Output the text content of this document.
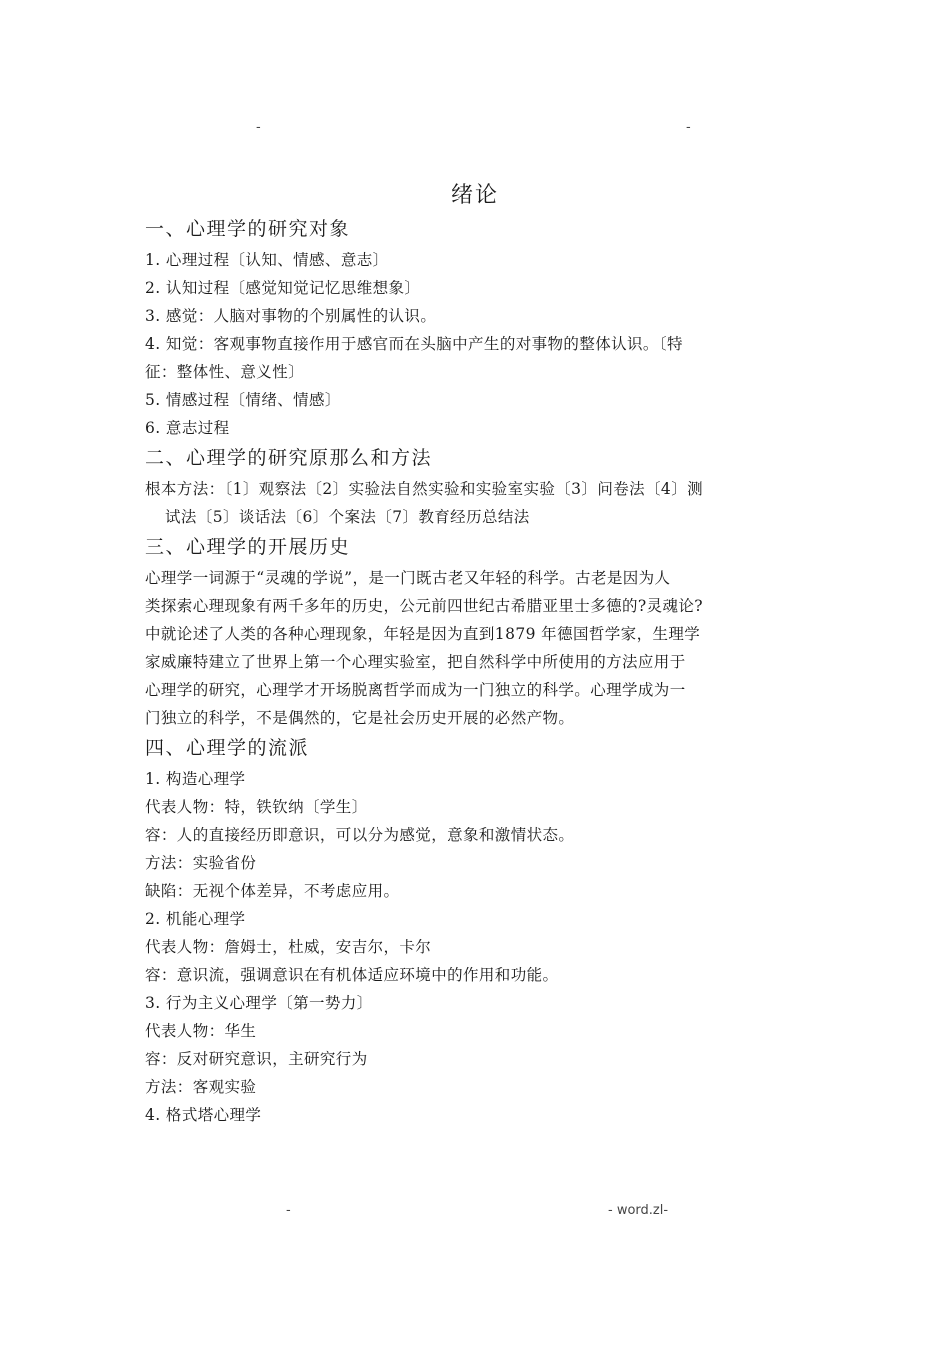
-	-
绪论
一、心理学的研究对象
1. 心理过程〔认知、情感、意志〕
2. 认知过程〔感觉知觉记忆思维想象〕
3. 感觉：人脑对事物的个别属性的认识。
4. 知觉：客观事物直接作用于感官而在头脑中产生的对事物的整体认识。〔特
征：整体性、意义性〕
5. 情感过程〔情绪、情感〕
6. 意志过程
二、心理学的研究原那么和方法
根本方法：〔1〕观察法〔2〕实验法自然实验和实验室实验〔3〕问卷法〔4〕测
试法〔5〕谈话法〔6〕个案法〔7〕教育经历总结法
三、心理学的开展历史
心理学一词源于“灵魂的学说”，是一门既古老又年轻的科学。古老是因为人
类探索心理现象有两千多年的历史，公元前四世纪古希腊亚里士多德的?灵魂论?
中就论述了人类的各种心理现象，年轻是因为直到1879 年德国哲学家，生理学
家威廉特建立了世界上第一个心理实验室，把自然科学中所使用的方法应用于
心理学的研究，心理学才开场脱离哲学而成为一门独立的科学。心理学成为一
门独立的科学，不是偶然的，它是社会历史开展的必然产物。
四、心理学的流派
1. 构造心理学
代表人物：特，铁钦纳〔学生〕
容：人的直接经历即意识，可以分为感觉，意象和激情状态。
方法：实验省份
缺陷：无视个体差异，不考虑应用。
2. 机能心理学
代表人物：詹姆士，杜威，安吉尔，卡尔
容：意识流，强调意识在有机体适应环境中的作用和功能。
3. 行为主义心理学〔第一势力〕
代表人物：华生
容：反对研究意识，主研究行为
方法：客观实验
4. 格式塔心理学
-	- word.zl-
